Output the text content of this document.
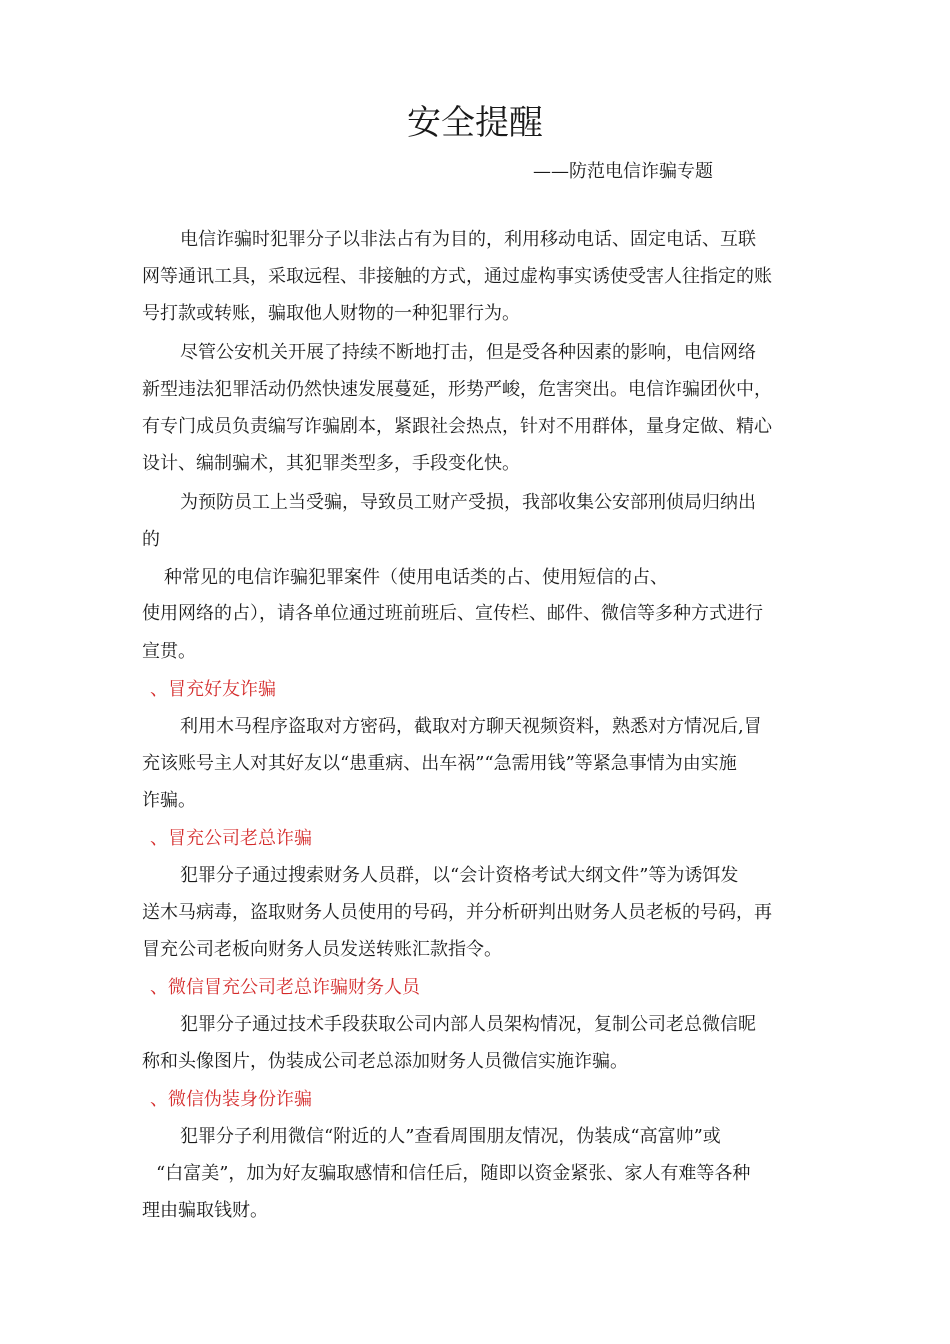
安全提醒
——防范电信诈骗专题
电信诈骗时犯罪分子以非法占有为目的，利用移动电话、固定电话、互联
网等通讯工具，采取远程、非接触的方式，通过虚构事实诱使受害人往指定的账
号打款或转账，骗取他人财物的一种犯罪行为。
尽管公安机关开展了持续不断地打击，但是受各种因素的影响，电信网络
新型违法犯罪活动仍然快速发展蔓延，形势严峻，危害突出。电信诈骗团伙中，
有专门成员负责编写诈骗剧本，紧跟社会热点，针对不用群体，量身定做、精心
设计、编制骗术，其犯罪类型多，手段变化快。
为预防员工上当受骗，导致员工财产受损，我部收集公安部刑侦局归纳出
的
种常见的电信诈骗犯罪案件（使用电话类的占、使用短信的占、
使用网络的占），请各单位通过班前班后、宣传栏、邮件、微信等多种方式进行
宣贯。
、冒充好友诈骗
利用木马程序盗取对方密码，截取对方聊天视频资料，熟悉对方情况后,冒
充该账号主人对其好友以“患重病、出车祸”“急需用钱”等紧急事情为由实施
诈骗。
、冒充公司老总诈骗
犯罪分子通过搜索财务人员群，以“会计资格考试大纲文件”等为诱饵发
送木马病毒，盗取财务人员使用的号码，并分析研判出财务人员老板的号码，再
冒充公司老板向财务人员发送转账汇款指令。
、微信冒充公司老总诈骗财务人员
犯罪分子通过技术手段获取公司内部人员架构情况，复制公司老总微信昵
称和头像图片，伪装成公司老总添加财务人员微信实施诈骗。
、微信伪装身份诈骗
犯罪分子利用微信“附近的人”查看周围朋友情况，伪装成“高富帅”或
“白富美”，加为好友骗取感情和信任后，随即以资金紧张、家人有难等各种
理由骗取钱财。
